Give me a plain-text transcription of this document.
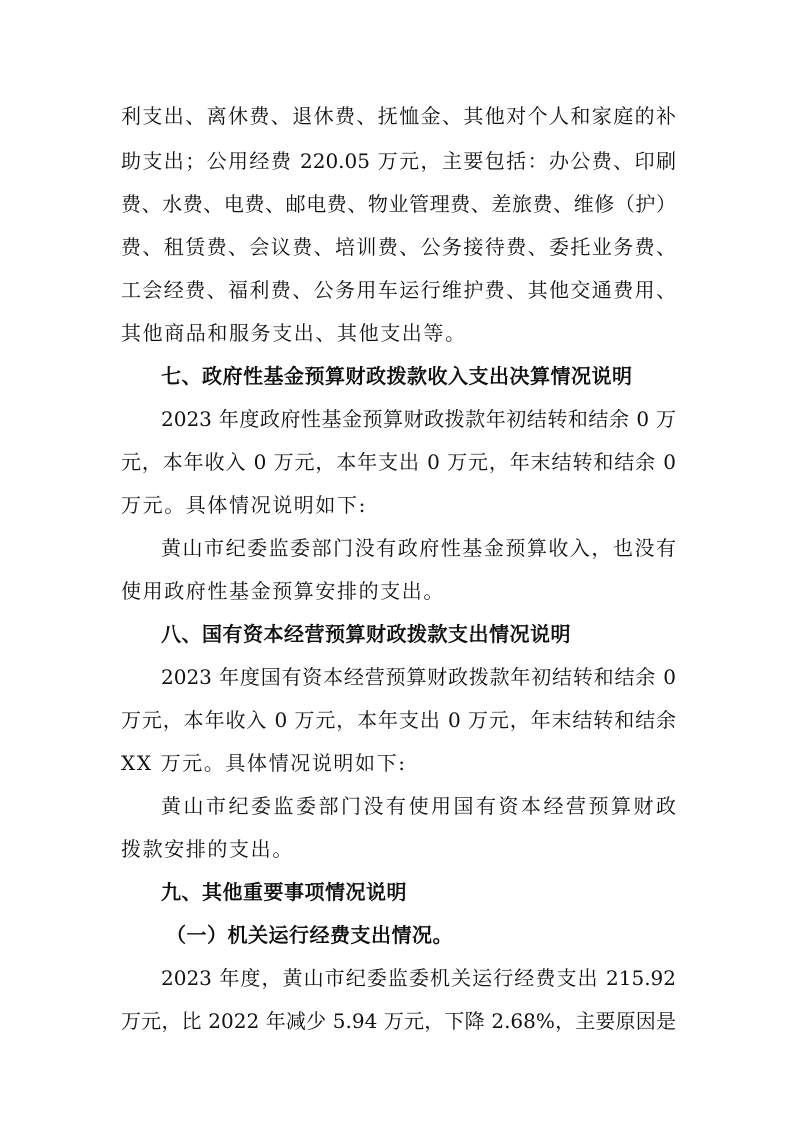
利支出、离休费、退休费、抚恤金、其他对个人和家庭的补
助支出；公用经费 220.05 万元，主要包括：办公费、印刷
费、水费、电费、邮电费、物业管理费、差旅费、维修（护）
费、租赁费、会议费、培训费、公务接待费、委托业务费、
工会经费、福利费、公务用车运行维护费、其他交通费用、
其他商品和服务支出、其他支出等。
七、政府性基金预算财政拨款收入支出决算情况说明
2023 年度政府性基金预算财政拨款年初结转和结余 0 万
元，本年收入 0 万元，本年支出 0 万元，年末结转和结余 0
万元。具体情况说明如下:
黄山市纪委监委部门没有政府性基金预算收入，也没有
使用政府性基金预算安排的支出。
八、国有资本经营预算财政拨款支出情况说明
2023 年度国有资本经营预算财政拨款年初结转和结余 0
万元，本年收入 0 万元，本年支出 0 万元，年末结转和结余
XX 万元。具体情况说明如下:
黄山市纪委监委部门没有使用国有资本经营预算财政
拨款安排的支出。
九、其他重要事项情况说明
（一）机关运行经费支出情况。
2023 年度，黄山市纪委监委机关运行经费支出 215.92
万元，比 2022 年减少 5.94 万元，下降 2.68%，主要原因是
